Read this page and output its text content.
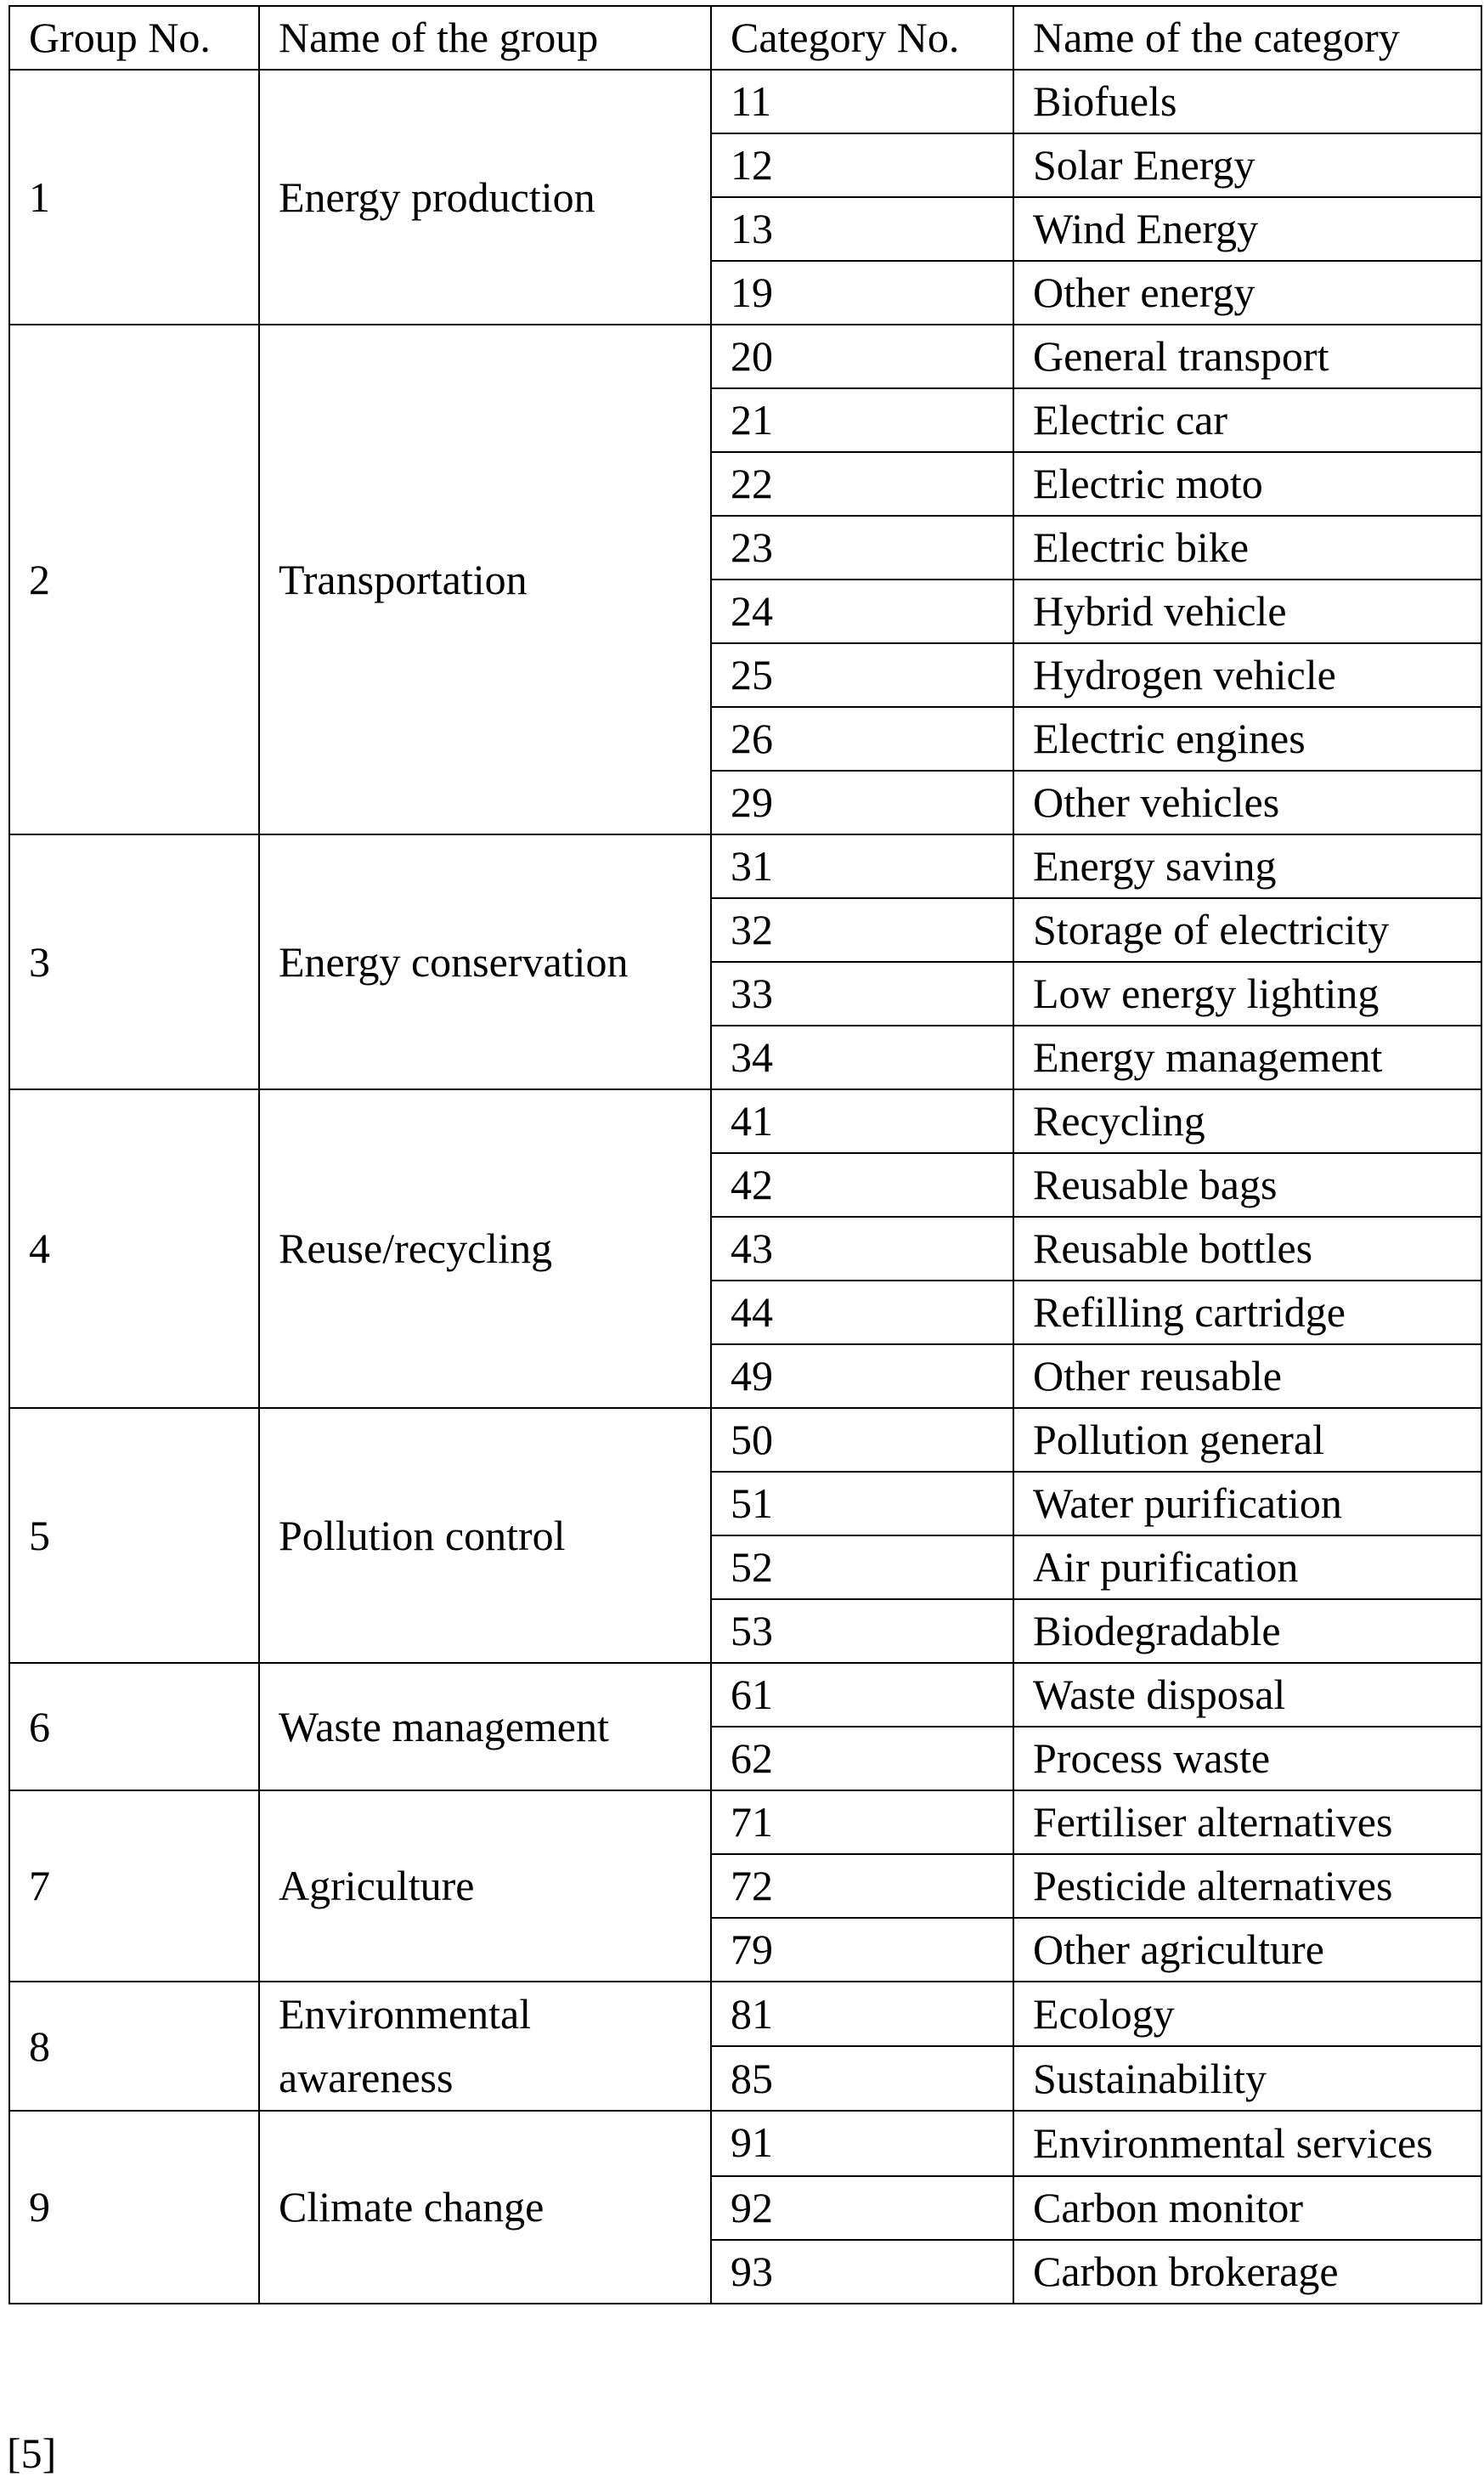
Group No.	Name of the group	Category No.	Name of the category
1	Energy production	11	Biofuels
		12	Solar Energy
		13	Wind Energy
		19	Other energy
2	Transportation	20	General transport
		21	Electric car
		22	Electric moto
		23	Electric bike
		24	Hybrid vehicle
		25	Hydrogen vehicle
		26	Electric engines
		29	Other vehicles
3	Energy conservation	31	Energy saving
		32	Storage of electricity
		33	Low energy lighting
		34	Energy management
4	Reuse/recycling	41	Recycling
		42	Reusable bags
		43	Reusable bottles
		44	Refilling cartridge
		49	Other reusable
5	Pollution control	50	Pollution general
		51	Water purification
		52	Air purification
		53	Biodegradable
6	Waste management	61	Waste disposal
		62	Process waste
7	Agriculture	71	Fertiliser alternatives
		72	Pesticide alternatives
		79	Other agriculture
8	Environmental awareness	81	Ecology
		85	Sustainability
9	Climate change	91	Environmental services
		92	Carbon monitor
		93	Carbon brokerage
[5]
